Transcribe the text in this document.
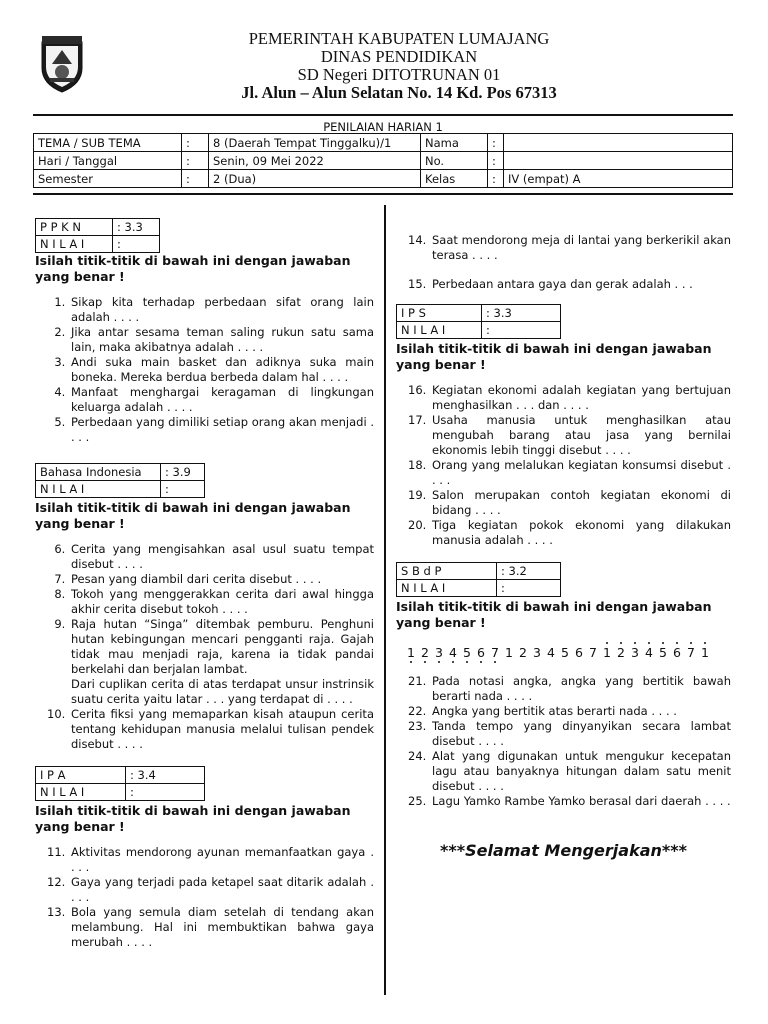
PEMERINTAH KABUPATEN LUMAJANG
DINAS PENDIDIKAN
SD Negeri DITOTRUNAN 01
Jl. Alun – Alun Selatan No. 14 Kd. Pos 67313
PENILAIAN HARIAN 1
TEMA / SUB TEMA	:	8 (Daerah Tempat Tinggalku)/1	Nama	:	
Hari / Tanggal	:	Senin, 09 Mei 2022	No.	:	
Semester	:	2 (Dua)	Kelas	:	IV (empat) A
P P K N	: 3.3
N I L A I	:

Isilah titik-titik di bawah ini dengan jawaban yang benar !

1. Sikap kita terhadap perbedaan sifat orang lain adalah . . . .
2. Jika antar sesama teman saling rukun satu sama lain, maka akibatnya adalah . . . .
3. Andi suka main basket dan adiknya suka main boneka. Mereka berdua berbeda dalam hal . . . .
4. Manfaat menghargai keragaman di lingkungan keluarga adalah . . . .
5. Perbedaan yang dimiliki setiap orang akan menjadi . . . .
Bahasa Indonesia	: 3.9
N I L A I	:

Isilah titik-titik di bawah ini dengan jawaban yang benar !

6. Cerita yang mengisahkan asal usul suatu tempat disebut . . . .
7. Pesan yang diambil dari cerita disebut . . . .
8. Tokoh yang menggerakkan cerita dari awal hingga akhir cerita disebut tokoh . . . .
9. Raja hutan “Singa” ditembak pemburu. Penghuni hutan kebingungan mencari pengganti raja. Gajah tidak mau menjadi raja, karena ia tidak pandai berkelahi dan berjalan lambat.
Dari cuplikan cerita di atas terdapat unsur instrinsik suatu cerita yaitu latar . . . yang terdapat di . . . .
10. Cerita fiksi yang memaparkan kisah ataupun cerita tentang kehidupan manusia melalui tulisan pendek disebut . . . .
I P A	: 3.4
N I L A I	:

Isilah titik-titik di bawah ini dengan jawaban yang benar !

11. Aktivitas mendorong ayunan memanfaatkan gaya . . . .
12. Gaya yang terjadi pada ketapel saat ditarik adalah . . . .
13. Bola yang semula diam setelah di tendang akan melambung. Hal ini membuktikan bahwa gaya merubah . . . .
14. Saat mendorong meja di lantai yang berkerikil akan terasa . . . .
15. Perbedaan antara gaya dan gerak adalah . . .
I P S	: 3.3
N I L A I	:

Isilah titik-titik di bawah ini dengan jawaban yang benar !

16. Kegiatan ekonomi adalah kegiatan yang bertujuan menghasilkan . . . dan . . . .
17. Usaha manusia untuk menghasilkan atau mengubah barang atau jasa yang bernilai ekonomis lebih tinggi disebut . . . .
18. Orang yang melalukan kegiatan konsumsi disebut . . . .
19. Salon merupakan contoh kegiatan ekonomi di bidang . . . .
20. Tiga kegiatan pokok ekonomi yang dilakukan manusia adalah . . . .
S B d P	: 3.2
N I L A I	:

Isilah titik-titik di bawah ini dengan jawaban yang benar !

1 2 3 4 5 6 7 1 2 3 4 5 6 7 1 2 3 4 5 6 7 1
21. Pada notasi angka, angka yang bertitik bawah berarti nada . . . .
22. Angka yang bertitik atas berarti nada . . . .
23. Tanda tempo yang dinyanyikan secara lambat disebut . . . .
24. Alat yang digunakan untuk mengukur kecepatan lagu atau banyaknya hitungan dalam satu menit disebut . . . .
25. Lagu Yamko Rambe Yamko berasal dari daerah . . . .
***Selamat Mengerjakan***
